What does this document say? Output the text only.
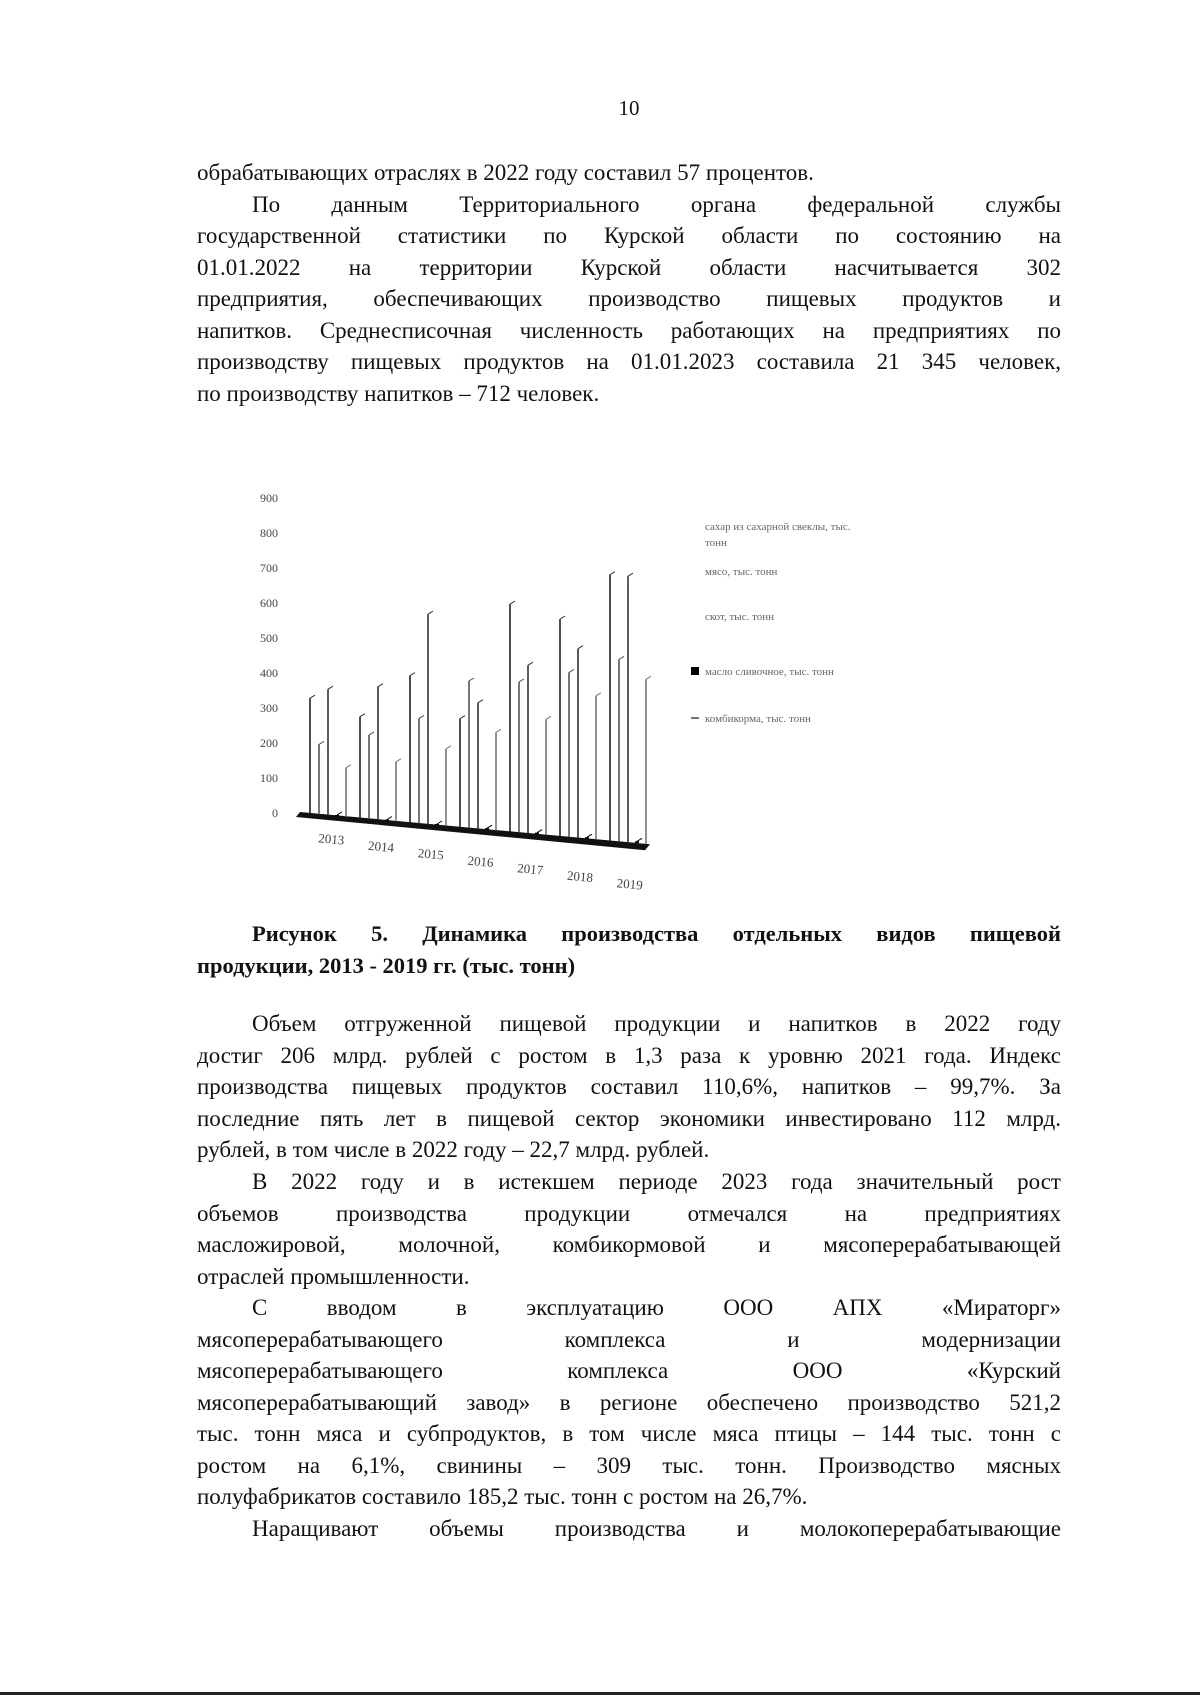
10
обрабатывающих отраслях в 2022 году составил 57 процентов.
По данным Территориального органа федеральной службы
государственной статистики по Курской области по состоянию на
01.01.2022 на территории Курской области насчитывается 302
предприятия, обеспечивающих производство пищевых продуктов и
напитков. Среднесписочная численность работающих на предприятиях по
производству пищевых продуктов на 01.01.2023 составила 21 345 человек,
по производству напитков – 712 человек.
0
100
200
300
400
500
600
700
800
900
2013 2014 2015 2016 2017 2018 2019
сахар из сахарной свеклы, тыс. тонн
мясо, тыс. тонн
скот, тыс. тонн
масло сливочное, тыс. тонн
комбикорма, тыс. тонн
Рисунок 5. Динамика производства отдельных видов пищевой
продукции, 2013 - 2019 гг. (тыс. тонн)
Объем отгруженной пищевой продукции и напитков в 2022 году
достиг 206 млрд. рублей с ростом в 1,3 раза к уровню 2021 года. Индекс
производства пищевых продуктов составил 110,6%, напитков – 99,7%. За
последние пять лет в пищевой сектор экономики инвестировано 112 млрд.
рублей, в том числе в 2022 году – 22,7 млрд. рублей.
В 2022 году и в истекшем периоде 2023 года значительный рост
объемов производства продукции отмечался на предприятиях
масложировой, молочной, комбикормовой и мясоперерабатывающей
отраслей промышленности.
С вводом в эксплуатацию ООО АПХ «Мираторг»
мясоперерабатывающего комплекса и модернизации
мясоперерабатывающего комплекса ООО «Курский
мясоперерабатывающий завод» в регионе обеспечено производство 521,2
тыс. тонн мяса и субпродуктов, в том числе мяса птицы – 144 тыс. тонн с
ростом на 6,1%, свинины – 309 тыс. тонн. Производство мясных
полуфабрикатов составило 185,2 тыс. тонн с ростом на 26,7%.
Наращивают объемы производства и молокоперерабатывающие
